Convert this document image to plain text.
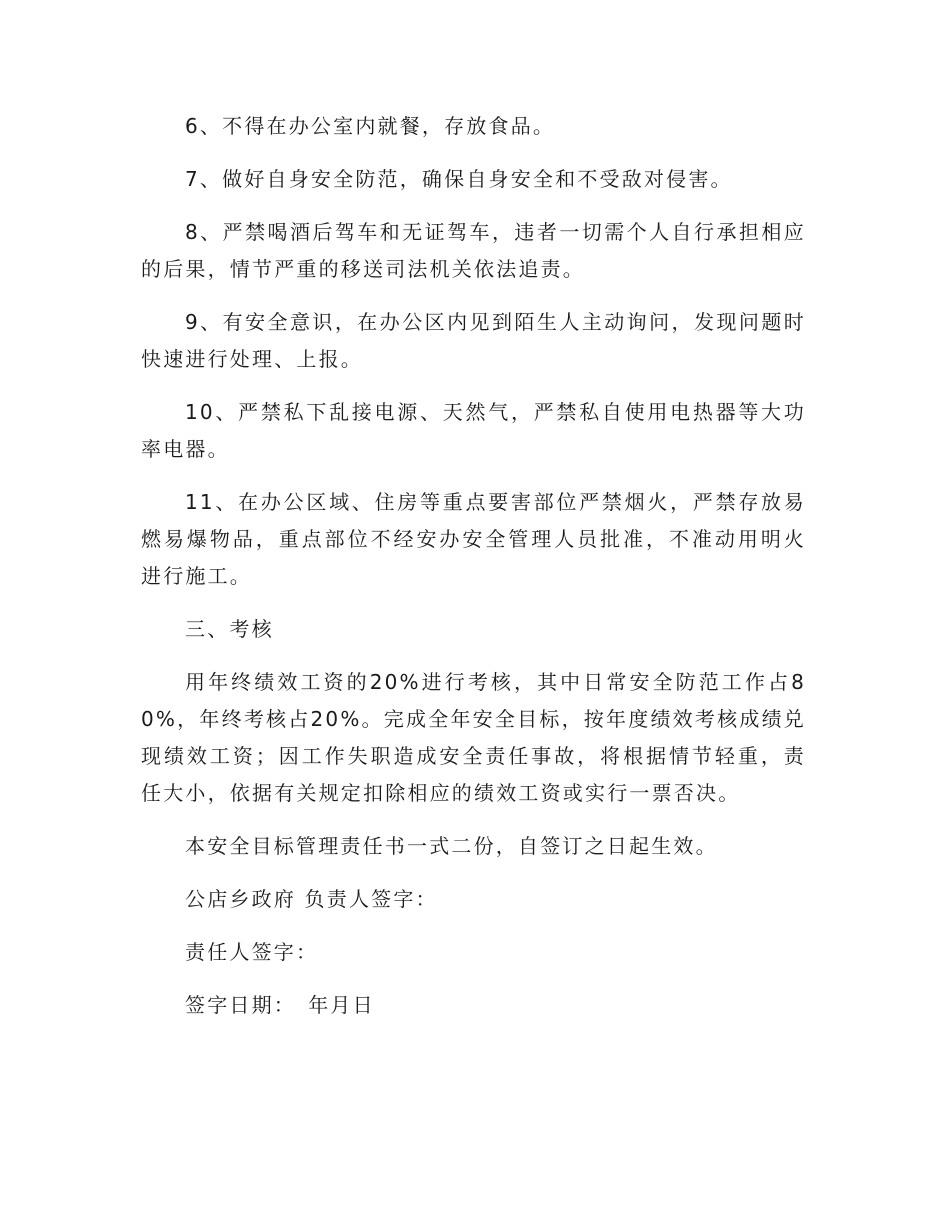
6、不得在办公室内就餐，存放食品。

7、做好自身安全防范，确保自身安全和不受敌对侵害。

8、严禁喝酒后驾车和无证驾车，违者一切需个人自行承担相应的后果，情节严重的移送司法机关依法追责。

9、有安全意识，在办公区内见到陌生人主动询问，发现问题时快速进行处理、上报。

10、严禁私下乱接电源、天然气，严禁私自使用电热器等大功率电器。

11、在办公区域、住房等重点要害部位严禁烟火，严禁存放易燃易爆物品，重点部位不经安办安全管理人员批准，不准动用明火进行施工。

三、考核

用年终绩效工资的20%进行考核，其中日常安全防范工作占80%，年终考核占20%。完成全年安全目标，按年度绩效考核成绩兑现绩效工资；因工作失职造成安全责任事故，将根据情节轻重，责任大小，依据有关规定扣除相应的绩效工资或实行一票否决。

本安全目标管理责任书一式二份，自签订之日起生效。

公店乡政府 负责人签字：

责任人签字：

签字日期：　年月日
